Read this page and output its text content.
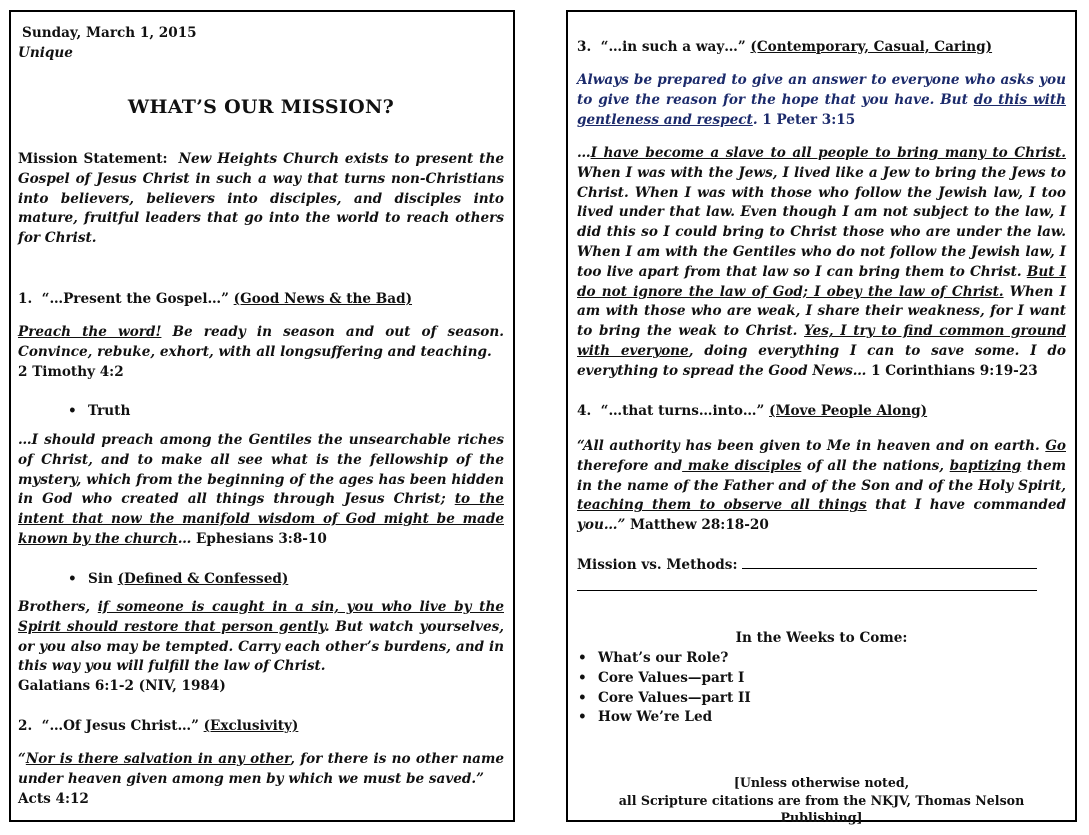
Sunday, March 1, 2015
Unique
WHAT’S OUR MISSION?
Mission Statement: New Heights Church exists to present the Gospel of Jesus Christ in such a way that turns non-Christians into believers, believers into disciples, and disciples into mature, fruitful leaders that go into the world to reach others for Christ.
1. “…Present the Gospel…” (Good News & the Bad)
Preach the word! Be ready in season and out of season. Convince, rebuke, exhort, with all longsuffering and teaching.
2 Timothy 4:2
• Truth
…I should preach among the Gentiles the unsearchable riches of Christ, and to make all see what is the fellowship of the mystery, which from the beginning of the ages has been hidden in God who created all things through Jesus Christ; to the intent that now the manifold wisdom of God might be made known by the church… Ephesians 3:8-10
• Sin (Defined & Confessed)
Brothers, if someone is caught in a sin, you who live by the Spirit should restore that person gently. But watch yourselves, or you also may be tempted. Carry each other’s burdens, and in this way you will fulfill the law of Christ.
Galatians 6:1-2 (NIV, 1984)
2. “…Of Jesus Christ…” (Exclusivity)
“Nor is there salvation in any other, for there is no other name under heaven given among men by which we must be saved.”
Acts 4:12
3. “…in such a way…” (Contemporary, Casual, Caring)
Always be prepared to give an answer to everyone who asks you to give the reason for the hope that you have. But do this with gentleness and respect. 1 Peter 3:15
…I have become a slave to all people to bring many to Christ. When I was with the Jews, I lived like a Jew to bring the Jews to Christ. When I was with those who follow the Jewish law, I too lived under that law. Even though I am not subject to the law, I did this so I could bring to Christ those who are under the law. When I am with the Gentiles who do not follow the Jewish law, I too live apart from that law so I can bring them to Christ. But I do not ignore the law of God; I obey the law of Christ. When I am with those who are weak, I share their weakness, for I want to bring the weak to Christ. Yes, I try to find common ground with everyone, doing everything I can to save some. I do everything to spread the Good News… 1 Corinthians 9:19-23
4. “…that turns…into…” (Move People Along)
“All authority has been given to Me in heaven and on earth. Go therefore and make disciples of all the nations, baptizing them in the name of the Father and of the Son and of the Holy Spirit, teaching them to observe all things that I have commanded you…” Matthew 28:18-20
Mission vs. Methods:
In the Weeks to Come:
• What’s our Role?
• Core Values—part I
• Core Values—part II
• How We’re Led
[Unless otherwise noted,
all Scripture citations are from the NKJV, Thomas Nelson Publishing]
